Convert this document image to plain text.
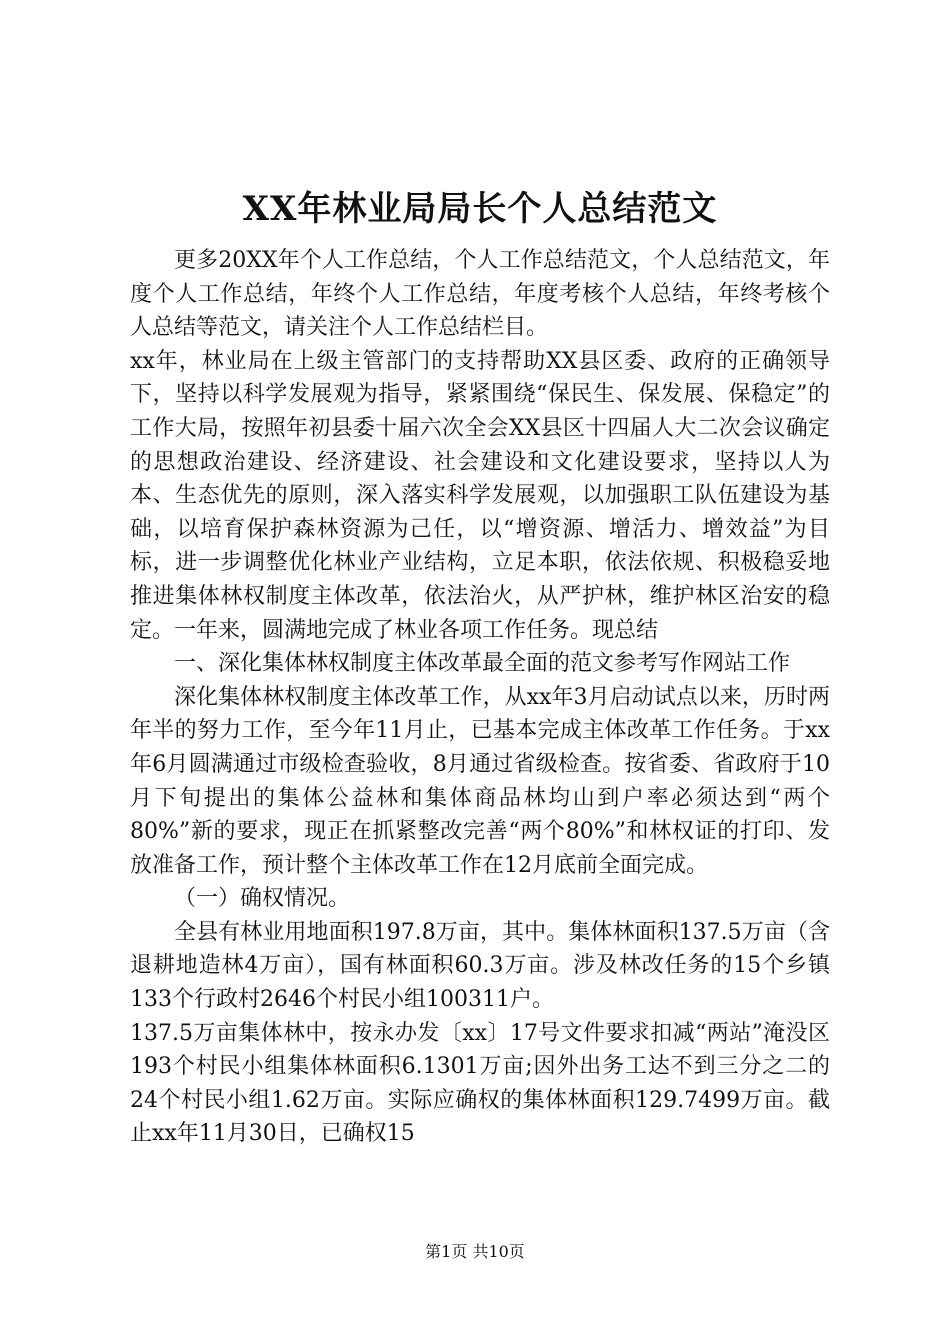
XX年林业局局长个人总结范文

更多20XX年个人工作总结，个人工作总结范文，个人总结范文，年度个人工作总结，年终个人工作总结，年度考核个人总结，年终考核个人总结等范文，请关注个人工作总结栏目。

xx年，林业局在上级主管部门的支持帮助XX县区委、政府的正确领导下，坚持以科学发展观为指导，紧紧围绕“保民生、保发展、保稳定”的工作大局，按照年初县委十届六次全会XX县区十四届人大二次会议确定的思想政治建设、经济建设、社会建设和文化建设要求，坚持以人为本、生态优先的原则，深入落实科学发展观，以加强职工队伍建设为基础，以培育保护森林资源为己任，以“增资源、增活力、增效益”为目标，进一步调整优化林业产业结构，立足本职，依法依规、积极稳妥地推进集体林权制度主体改革，依法治火，从严护林，维护林区治安的稳定。一年来，圆满地完成了林业各项工作任务。现总结

一、深化集体林权制度主体改革最全面的范文参考写作网站工作

深化集体林权制度主体改革工作，从xx年3月启动试点以来，历时两年半的努力工作，至今年11月止，已基本完成主体改革工作任务。于xx年6月圆满通过市级检查验收，8月通过省级检查。按省委、省政府于10月下旬提出的集体公益林和集体商品林均山到户率必须达到“两个80%”新的要求，现正在抓紧整改完善“两个80%”和林权证的打印、发放准备工作，预计整个主体改革工作在12月底前全面完成。

（一）确权情况。

全县有林业用地面积197.8万亩，其中。集体林面积137.5万亩（含退耕地造林4万亩），国有林面积60.3万亩。涉及林改任务的15个乡镇133个行政村2646个村民小组100311户。

137.5万亩集体林中，按永办发〔xx〕17号文件要求扣减“两站”淹没区193个村民小组集体林面积6.1301万亩;因外出务工达不到三分之二的24个村民小组1.62万亩。实际应确权的集体林面积129.7499万亩。截止xx年11月30日，已确权15

第1页 共10页
